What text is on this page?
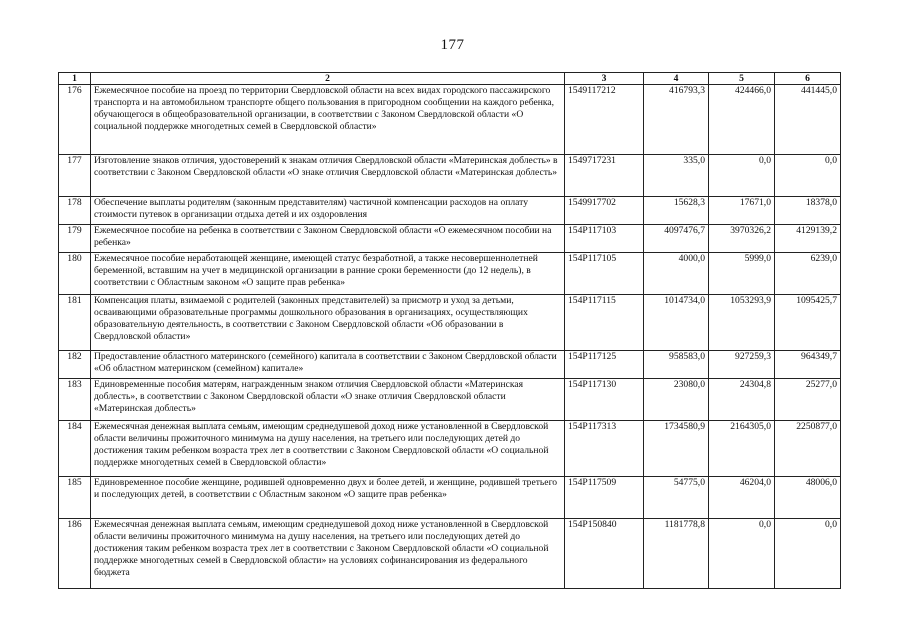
177
1	2	3	4	5	6
176	Ежемесячное пособие на проезд по территории Свердловской области на всех видах городского пассажирского транспорта и на автомобильном транспорте общего пользования в пригородном сообщении на каждого ребенка, обучающегося в общеобразовательной организации, в соответствии с Законом Свердловской области «О социальной поддержке многодетных семей в Свердловской области»	1549117212	416793,3	424466,0	441445,0
177	Изготовление знаков отличия, удостоверений к знакам отличия Свердловской области «Материнская доблесть» в соответствии с Законом Свердловской области «О знаке отличия Свердловской области «Материнская доблесть»	1549717231	335,0	0,0	0,0
178	Обеспечение выплаты родителям (законным представителям) частичной компенсации расходов на оплату стоимости путевок в организации отдыха детей и их оздоровления	1549917702	15628,3	17671,0	18378,0
179	Ежемесячное пособие на ребенка в соответствии с Законом Свердловской области «О ежемесячном пособии на ребенка»	154P117103	4097476,7	3970326,2	4129139,2
180	Ежемесячное пособие неработающей женщине, имеющей статус безработной, а также несовершеннолетней беременной, вставшим на учет в медицинской организации в ранние сроки беременности (до 12 недель), в соответствии с Областным законом «О защите прав ребенка»	154P117105	4000,0	5999,0	6239,0
181	Компенсация платы, взимаемой с родителей (законных представителей) за присмотр и уход за детьми, осваивающими образовательные программы дошкольного образования в организациях, осуществляющих образовательную деятельность, в соответствии с Законом Свердловской области «Об образовании в Свердловской области»	154P117115	1014734,0	1053293,9	1095425,7
182	Предоставление областного материнского (семейного) капитала в соответствии с Законом Свердловской области «Об областном материнском (семейном) капитале»	154P117125	958583,0	927259,3	964349,7
183	Единовременные пособия матерям, награжденным знаком отличия Свердловской области «Материнская доблесть», в соответствии с Законом Свердловской области «О знаке отличия Свердловской области «Материнская доблесть»	154P117130	23080,0	24304,8	25277,0
184	Ежемесячная денежная выплата семьям, имеющим среднедушевой доход ниже установленной в Свердловской области величины прожиточного минимума на душу населения, на третьего или последующих детей до достижения таким ребенком возраста трех лет в соответствии с Законом Свердловской области «О социальной поддержке многодетных семей в Свердловской области»	154P117313	1734580,9	2164305,0	2250877,0
185	Единовременное пособие женщине, родившей одновременно двух и более детей, и женщине, родившей третьего и последующих детей, в соответствии с Областным законом «О защите прав ребенка»	154P117509	54775,0	46204,0	48006,0
186	Ежемесячная денежная выплата семьям, имеющим среднедушевой доход ниже установленной в Свердловской области величины прожиточного минимума на душу населения, на третьего или последующих детей до достижения таким ребенком возраста трех лет в соответствии с Законом Свердловской области «О социальной поддержке многодетных семей в Свердловской области» на условиях софинансирования из федерального бюджета	154P150840	1181778,8	0,0	0,0
